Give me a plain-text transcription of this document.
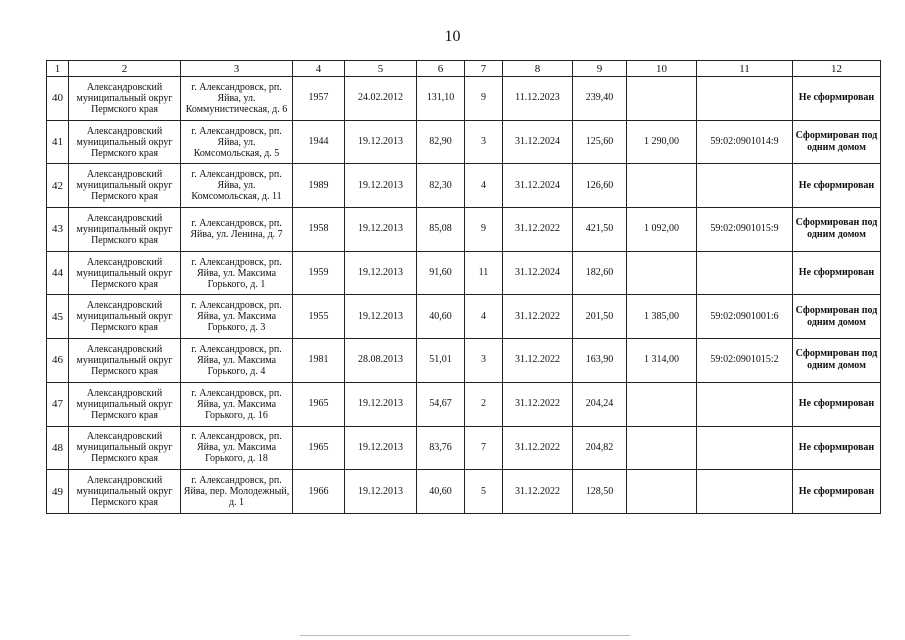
10
1	2	3	4	5	6	7	8	9	10	11	12
40	Александровский муниципальный округ Пермского края	г. Александровск, рп. Яйва, ул. Коммунистическая, д. 6	1957	24.02.2012	131,10	9	11.12.2023	239,40			Не сформирован
41	Александровский муниципальный округ Пермского края	г. Александровск, рп. Яйва, ул. Комсомольская, д. 5	1944	19.12.2013	82,90	3	31.12.2024	125,60	1 290,00	59:02:0901014:9	Сформирован под одним домом
42	Александровский муниципальный округ Пермского края	г. Александровск, рп. Яйва, ул. Комсомольская, д. 11	1989	19.12.2013	82,30	4	31.12.2024	126,60			Не сформирован
43	Александровский муниципальный округ Пермского края	г. Александровск, рп. Яйва, ул. Ленина, д. 7	1958	19.12.2013	85,08	9	31.12.2022	421,50	1 092,00	59:02:0901015:9	Сформирован под одним домом
44	Александровский муниципальный округ Пермского края	г. Александровск, рп. Яйва, ул. Максима Горького, д. 1	1959	19.12.2013	91,60	11	31.12.2024	182,60			Не сформирован
45	Александровский муниципальный округ Пермского края	г. Александровск, рп. Яйва, ул. Максима Горького, д. 3	1955	19.12.2013	40,60	4	31.12.2022	201,50	1 385,00	59:02:0901001:6	Сформирован под одним домом
46	Александровский муниципальный округ Пермского края	г. Александровск, рп. Яйва, ул. Максима Горького, д. 4	1981	28.08.2013	51,01	3	31.12.2022	163,90	1 314,00	59:02:0901015:2	Сформирован под одним домом
47	Александровский муниципальный округ Пермского края	г. Александровск, рп. Яйва, ул. Максима Горького, д. 16	1965	19.12.2013	54,67	2	31.12.2022	204,24			Не сформирован
48	Александровский муниципальный округ Пермского края	г. Александровск, рп. Яйва, ул. Максима Горького, д. 18	1965	19.12.2013	83,76	7	31.12.2022	204,82			Не сформирован
49	Александровский муниципальный округ Пермского края	г. Александровск, рп. Яйва, пер. Молодежный, д. 1	1966	19.12.2013	40,60	5	31.12.2022	128,50			Не сформирован
